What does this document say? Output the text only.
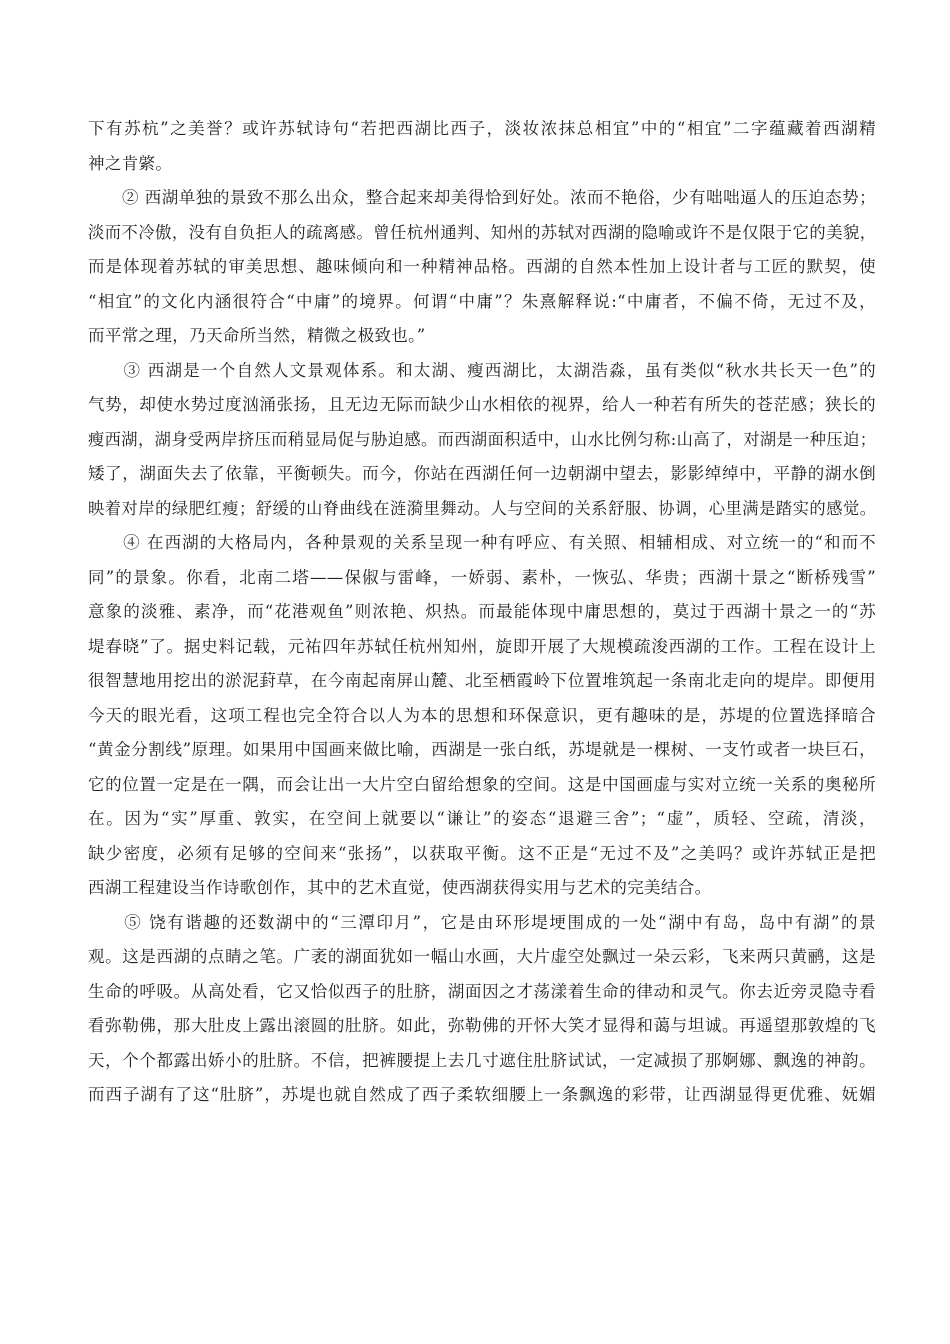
下有苏杭”之美誉？或许苏轼诗句“若把西湖比西子，淡妆浓抹总相宜”中的“相宜”二字蕴藏着西湖精
神之肯綮。
　　② 西湖单独的景致不那么出众，整合起来却美得恰到好处。浓而不艳俗，少有咄咄逼人的压迫态势；
淡而不冷傲，没有自负拒人的疏离感。曾任杭州通判、知州的苏轼对西湖的隐喻或许不是仅限于它的美貌，
而是体现着苏轼的审美思想、趣味倾向和一种精神品格。西湖的自然本性加上设计者与工匠的默契，使
“相宜”的文化内涵很符合“中庸”的境界。何谓“中庸”？朱熹解释说:“中庸者，不偏不倚，无过不及，
而平常之理，乃天命所当然，精微之极致也。”
　　③ 西湖是一个自然人文景观体系。和太湖、瘦西湖比，太湖浩淼，虽有类似“秋水共长天一色”的
气势，却使水势过度汹涌张扬，且无边无际而缺少山水相依的视界，给人一种若有所失的苍茫感；狭长的
瘦西湖，湖身受两岸挤压而稍显局促与胁迫感。而西湖面积适中，山水比例匀称:山高了，对湖是一种压迫；
矮了，湖面失去了依靠，平衡顿失。而今，你站在西湖任何一边朝湖中望去，影影绰绰中，平静的湖水倒
映着对岸的绿肥红瘦；舒缓的山脊曲线在涟漪里舞动。人与空间的关系舒服、协调，心里满是踏实的感觉。
　　④ 在西湖的大格局内，各种景观的关系呈现一种有呼应、有关照、相辅相成、对立统一的“和而不
同”的景象。你看，北南二塔——保俶与雷峰，一娇弱、素朴，一恢弘、华贵；西湖十景之“断桥残雪”
意象的淡雅、素净，而“花港观鱼”则浓艳、炽热。而最能体现中庸思想的，莫过于西湖十景之一的“苏
堤春晓”了。据史料记载，元祐四年苏轼任杭州知州，旋即开展了大规模疏浚西湖的工作。工程在设计上
很智慧地用挖出的淤泥葑草，在今南起南屏山麓、北至栖霞岭下位置堆筑起一条南北走向的堤岸。即便用
今天的眼光看，这项工程也完全符合以人为本的思想和环保意识，更有趣味的是，苏堤的位置选择暗合
“黄金分割线”原理。如果用中国画来做比喻，西湖是一张白纸，苏堤就是一棵树、一支竹或者一块巨石，
它的位置一定是在一隅，而会让出一大片空白留给想象的空间。这是中国画虚与实对立统一关系的奥秘所
在。因为“实”厚重、敦实，在空间上就要以“谦让”的姿态“退避三舍”；“虚”，质轻、空疏，清淡，
缺少密度，必须有足够的空间来“张扬”，以获取平衡。这不正是“无过不及”之美吗？或许苏轼正是把
西湖工程建设当作诗歌创作，其中的艺术直觉，使西湖获得实用与艺术的完美结合。
　　⑤ 饶有谐趣的还数湖中的“三潭印月”，它是由环形堤埂围成的一处“湖中有岛，岛中有湖”的景
观。这是西湖的点睛之笔。广袤的湖面犹如一幅山水画，大片虚空处飘过一朵云彩，飞来两只黄鹂，这是
生命的呼吸。从高处看，它又恰似西子的肚脐，湖面因之才荡漾着生命的律动和灵气。你去近旁灵隐寺看
看弥勒佛，那大肚皮上露出滚圆的肚脐。如此，弥勒佛的开怀大笑才显得和蔼与坦诚。再遥望那敦煌的飞
天，个个都露出娇小的肚脐。不信，把裤腰提上去几寸遮住肚脐试试，一定减损了那婀娜、飘逸的神韵。
而西子湖有了这“肚脐”，苏堤也就自然成了西子柔软细腰上一条飘逸的彩带，让西湖显得更优雅、妩媚
